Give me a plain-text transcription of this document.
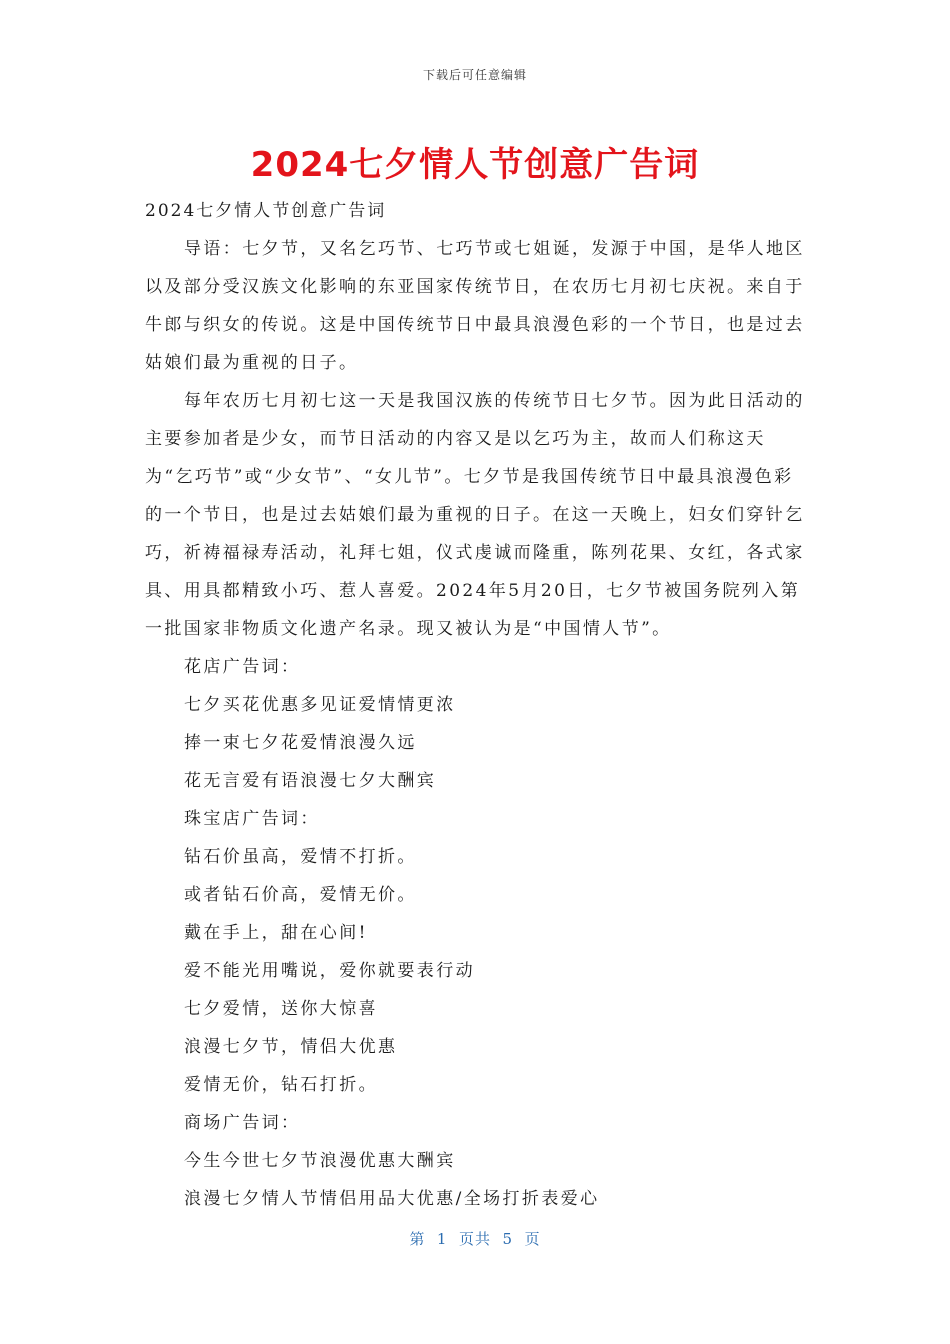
下载后可任意编辑
2024七夕情人节创意广告词

2024七夕情人节创意广告词

导语：七夕节，又名乞巧节、七巧节或七姐诞，发源于中国，是华人地区以及部分受汉族文化影响的东亚国家传统节日，在农历七月初七庆祝。来自于牛郎与织女的传说。这是中国传统节日中最具浪漫色彩的一个节日，也是过去姑娘们最为重视的日子。

每年农历七月初七这一天是我国汉族的传统节日七夕节。因为此日活动的主要参加者是少女，而节日活动的内容又是以乞巧为主，故而人们称这天为“乞巧节”或“少女节”、“女儿节”。七夕节是我国传统节日中最具浪漫色彩的一个节日，也是过去姑娘们最为重视的日子。在这一天晚上，妇女们穿针乞巧，祈祷福禄寿活动，礼拜七姐，仪式虔诚而隆重，陈列花果、女红，各式家具、用具都精致小巧、惹人喜爱。2024年5月20日，七夕节被国务院列入第一批国家非物质文化遗产名录。现又被认为是“中国情人节”。

花店广告词：

七夕买花优惠多见证爱情情更浓

捧一束七夕花爱情浪漫久远

花无言爱有语浪漫七夕大酬宾

珠宝店广告词：

钻石价虽高，爱情不打折。

或者钻石价高，爱情无价。

戴在手上，甜在心间!

爱不能光用嘴说，爱你就要表行动

七夕爱情，送你大惊喜

浪漫七夕节，情侣大优惠

爱情无价，钻石打折。

商场广告词：

今生今世七夕节浪漫优惠大酬宾

浪漫七夕情人节情侣用品大优惠/全场打折表爱心

第  1  页共  5  页
